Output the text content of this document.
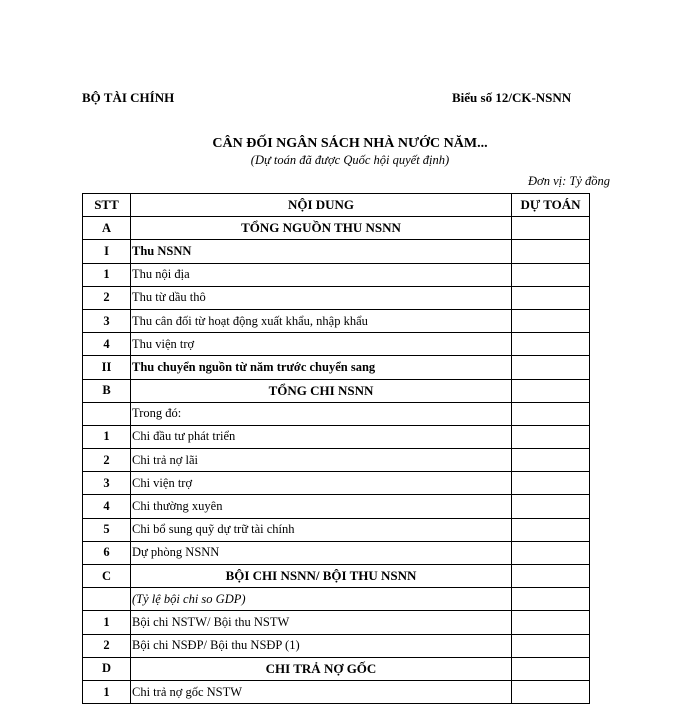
BỘ TÀI CHÍNH	Biểu số 12/CK-NSNN
CÂN ĐỐI NGÂN SÁCH NHÀ NƯỚC NĂM...
(Dự toán đã được Quốc hội quyết định)
Đơn vị: Tỷ đồng
STT	NỘI DUNG	DỰ TOÁN
A	TỔNG NGUỒN THU NSNN	
I	Thu NSNN	
1	Thu nội địa	
2	Thu từ dầu thô	
3	Thu cân đối từ hoạt động xuất khẩu, nhập khẩu	
4	Thu viện trợ	
II	Thu chuyển nguồn từ năm trước chuyển sang	
B	TỔNG CHI NSNN	
	Trong đó:	
1	Chi đầu tư phát triển	
2	Chi trả nợ lãi	
3	Chi viện trợ	
4	Chi thường xuyên	
5	Chi bổ sung quỹ dự trữ tài chính	
6	Dự phòng NSNN	
C	BỘI CHI NSNN/ BỘI THU NSNN	
	(Tỷ lệ bội chi so GDP)	
1	Bội chi NSTW/ Bội thu NSTW	
2	Bội chi NSĐP/ Bội thu NSĐP (1)	
D	CHI TRẢ NỢ GỐC	
1	Chi trả nợ gốc NSTW	
